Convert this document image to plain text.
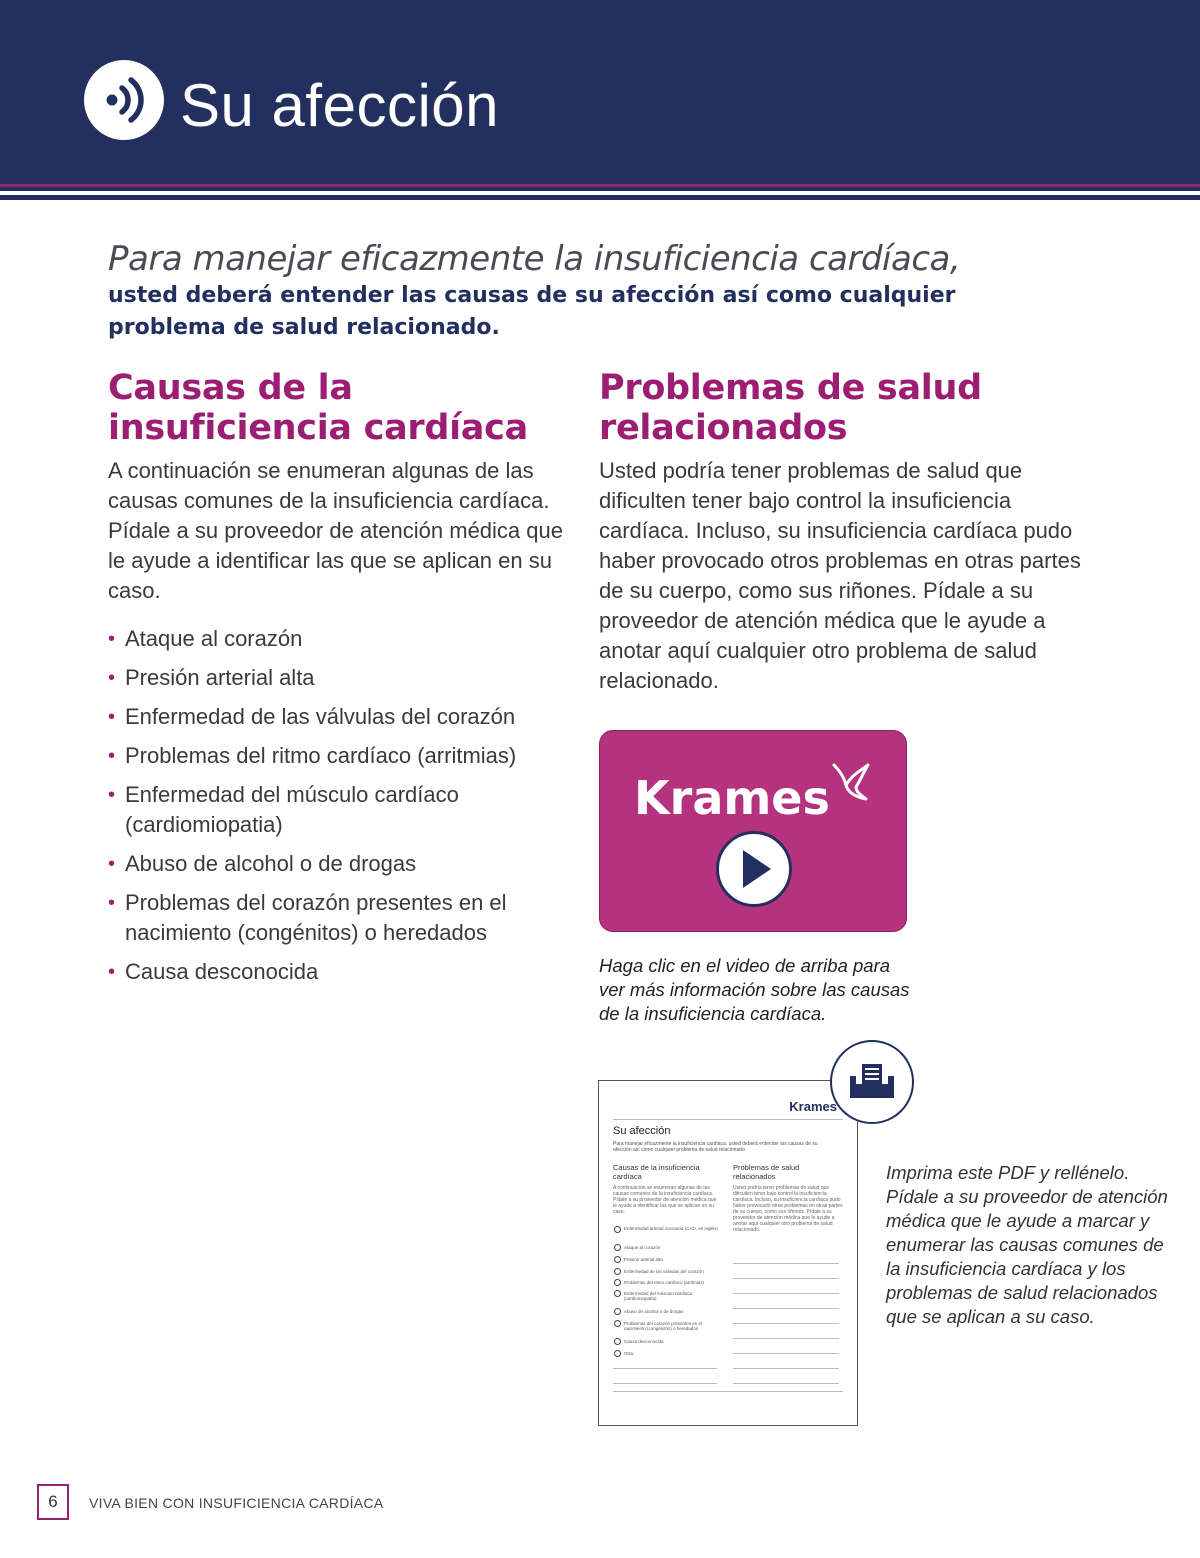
Su afección

Para manejar eficazmente la insuficiencia cardíaca,

usted deberá entender las causas de su afección así como cualquier problema de salud relacionado.

Causas de la insuficiencia cardíaca

A continuación se enumeran algunas de las causas comunes de la insuficiencia cardíaca. Pídale a su proveedor de atención médica que le ayude a identificar las que se aplican en su caso.

• Ataque al corazón
• Presión arterial alta
• Enfermedad de las válvulas del corazón
• Problemas del ritmo cardíaco (arritmias)
• Enfermedad del músculo cardíaco (cardiomiopatia)
• Abuso de alcohol o de drogas
• Problemas del corazón presentes en el nacimiento (congénitos) o heredados
• Causa desconocida
Problemas de salud relacionados

Usted podría tener problemas de salud que dificulten tener bajo control la insuficiencia cardíaca. Incluso, su insuficiencia cardíaca pudo haber provocado otros problemas en otras partes de su cuerpo, como sus riñones. Pídale a su proveedor de atención médica que le ayude a anotar aquí cualquier otro problema de salud relacionado.

Krames

Haga clic en el video de arriba para ver más información sobre las causas de la insuficiencia cardíaca.

Krames
Su afección
Para manejar eficazmente la insuficiencia cardíaca, usted deberá entender las causas de su afección así como cualquier problema de salud relacionado.
Causas de la insuficiencia cardíaca
Problemas de salud relacionados
A continuación se enumeran algunas de las causas comunes de la insuficiencia cardíaca. Pídale a su proveedor de atención médica que le ayude a identificar las que se aplican en su caso.
Usted podría tener problemas de salud que dificulten tener bajo control la insuficiencia cardíaca. Incluso, su insuficiencia cardíaca pudo haber provocado otros problemas en otras partes de su cuerpo, como sus riñones. Pídale a su proveedor de atención médica que le ayude a anotar aquí cualquier otro problema de salud relacionado.
Enfermedad arterial coronaria (CAD, en inglés)
Ataque al corazón
Presión arterial alta
Enfermedad de las válvulas del corazón
Problemas del ritmo cardíaco (arritmias)
Enfermedad del músculo cardíaco (cardiomiopatía)
Abuso de alcohol o de drogas
Problemas del corazón presentes en el nacimiento (congénitos) o heredados
Causa desconocida
Otra:

Imprima este PDF y rellénelo. Pídale a su proveedor de atención médica que le ayude a marcar y enumerar las causas comunes de la insuficiencia cardíaca y los problemas de salud relacionados que se aplican a su caso.

6	VIVA BIEN CON INSUFICIENCIA CARDÍACA
